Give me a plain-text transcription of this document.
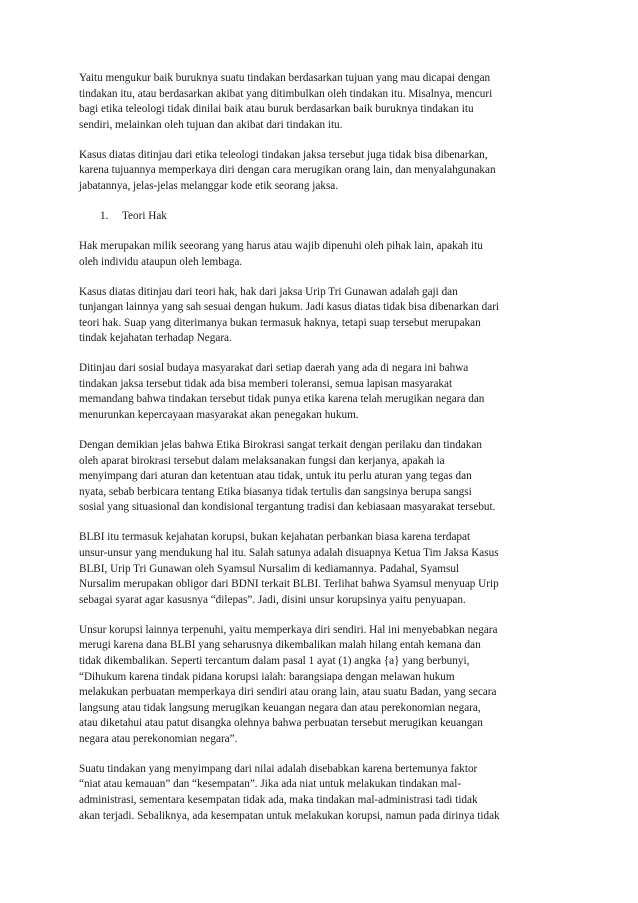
Yaitu mengukur baik buruknya suatu tindakan berdasarkan tujuan yang mau dicapai dengan
tindakan itu, atau berdasarkan akibat yang ditimbulkan oleh tindakan itu. Misalnya, mencuri
bagi etika teleologi tidak dinilai baik atau buruk berdasarkan baik buruknya tindakan itu
sendiri, melainkan oleh tujuan dan akibat dari tindakan itu.
Kasus diatas ditinjau dari etika teleologi tindakan jaksa tersebut juga tidak bisa dibenarkan,
karena tujuannya memperkaya diri dengan cara merugikan orang lain, dan menyalahgunakan
jabatannya, jelas-jelas melanggar kode etik seorang jaksa.
1. Teori Hak
Hak merupakan milik seeorang yang harus atau wajib dipenuhi oleh pihak lain, apakah itu
oleh individu ataupun oleh lembaga.
Kasus diatas ditinjau dari teori hak, hak dari jaksa Urip Tri Gunawan adalah gaji dan
tunjangan lainnya yang sah sesuai dengan hukum. Jadi kasus diatas tidak bisa dibenarkan dari
teori hak. Suap yang diterimanya bukan termasuk haknya, tetapi suap tersebut merupakan
tindak kejahatan terhadap Negara.
Ditinjau dari sosial budaya masyarakat dari setiap daerah yang ada di negara ini bahwa
tindakan jaksa tersebut tidak ada bisa memberi toleransi, semua lapisan masyarakat
memandang bahwa tindakan tersebut tidak punya etika karena telah merugikan negara dan
menurunkan kepercayaan masyarakat akan penegakan hukum.
Dengan demikian jelas bahwa Etika Birokrasi sangat terkait dengan perilaku dan tindakan
oleh aparat birokrasi tersebut dalam melaksanakan fungsi dan kerjanya, apakah ia
menyimpang dari aturan dan ketentuan atau tidak, untuk itu perlu aturan yang tegas dan
nyata, sebab berbicara tentang Etika biasanya tidak tertulis dan sangsinya berupa sangsi
sosial yang situasional dan kondisional tergantung tradisi dan kebiasaan masyarakat tersebut.
BLBI itu termasuk kejahatan korupsi, bukan kejahatan perbankan biasa karena terdapat
unsur-unsur yang mendukung hal itu. Salah satunya adalah disuapnya Ketua Tim Jaksa Kasus
BLBI, Urip Tri Gunawan oleh Syamsul Nursalim di kediamannya. Padahal, Syamsul
Nursalim merupakan obligor dari BDNI terkait BLBI. Terlihat bahwa Syamsul menyuap Urip
sebagai syarat agar kasusnya “dilepas”. Jadi, disini unsur korupsinya yaitu penyuapan.
Unsur korupsi lainnya terpenuhi, yaitu memperkaya diri sendiri. Hal ini menyebabkan negara
merugi karena dana BLBI yang seharusnya dikembalikan malah hilang entah kemana dan
tidak dikembalikan. Seperti tercantum dalam pasal 1 ayat (1) angka {a} yang berbunyi,
“Dihukum karena tindak pidana korupsi ialah: barangsiapa dengan melawan hukum
melakukan perbuatan memperkaya diri sendiri atau orang lain, atau suatu Badan, yang secara
langsung atau tidak langsung merugikan keuangan negara dan atau perekonomian negara,
atau diketahui atau patut disangka olehnya bahwa perbuatan tersebut merugikan keuangan
negara atau perekonomian negara”.
Suatu tindakan yang menyimpang dari nilai adalah disebabkan karena bertemunya faktor
“niat atau kemauan” dan “kesempatan”. Jika ada niat untuk melakukan tindakan mal-
administrasi, sementara kesempatan tidak ada, maka tindakan mal-administrasi tadi tidak
akan terjadi. Sebaliknya, ada kesempatan untuk melakukan korupsi, namun pada dirinya tidak
